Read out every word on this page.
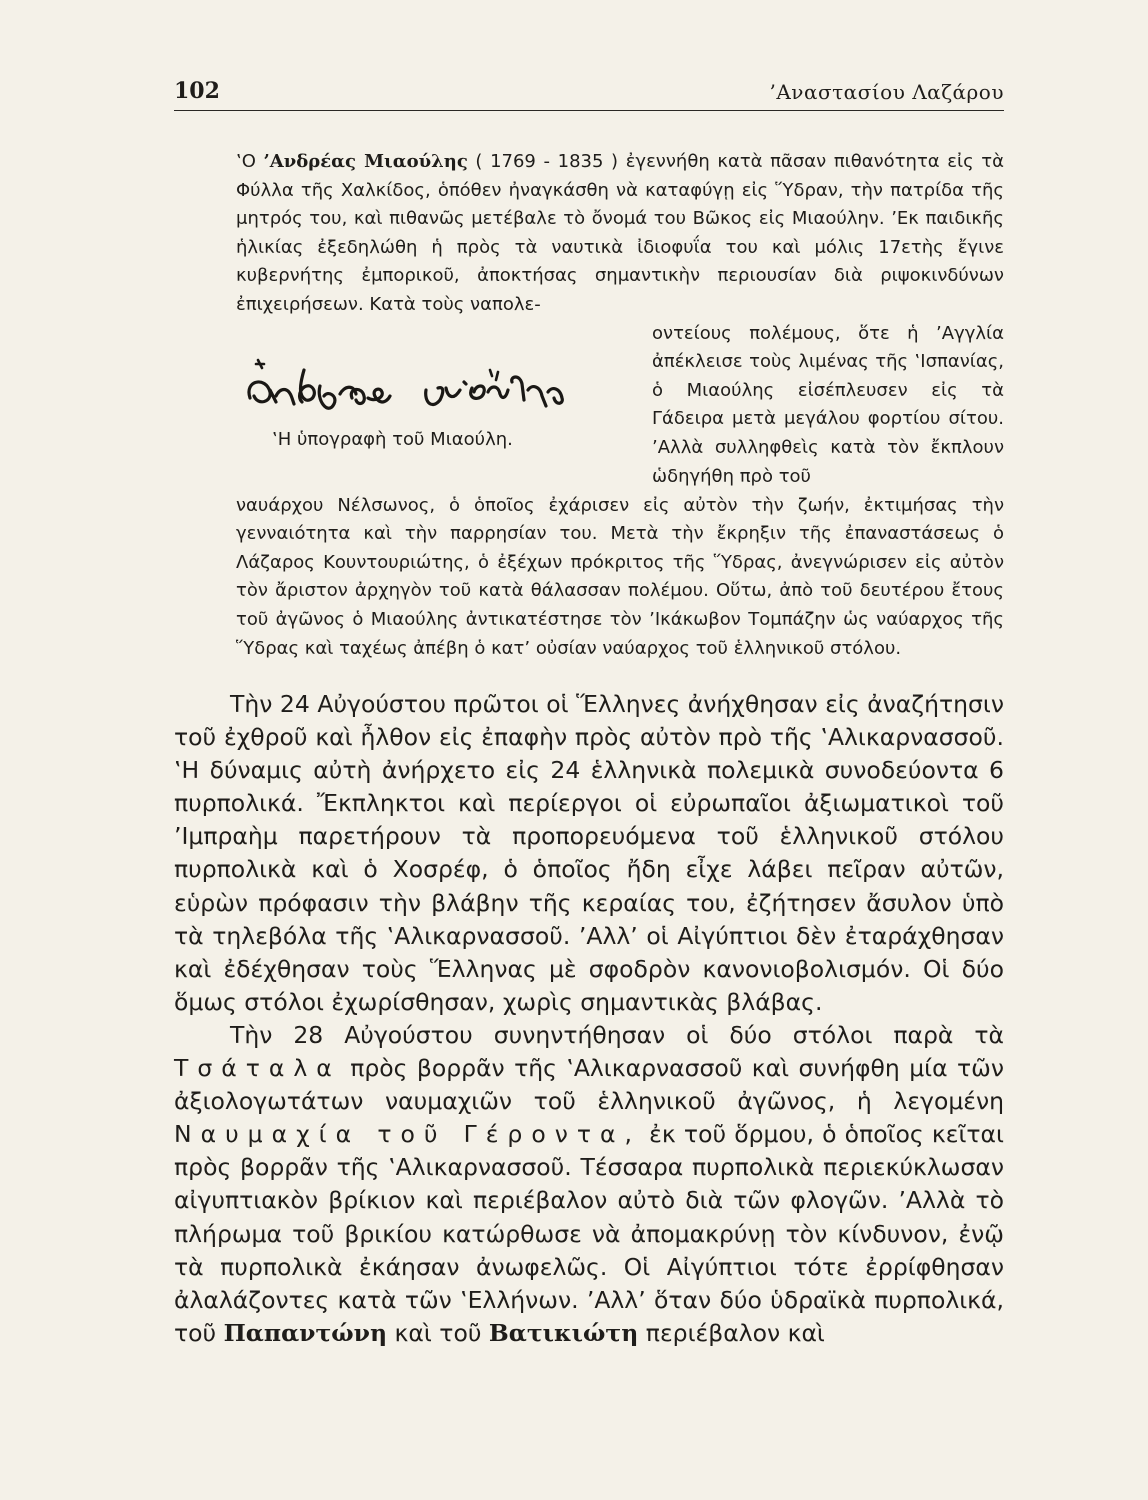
102	’Αναστασίου Λαζάρου

‛Ο ’Ανδρέας Μιαούλης ( 1769 - 1835 ) ἐγεννήθη κατὰ πᾶσαν πιθανότητα εἰς τὰ Φύλλα τῆς Χαλκίδος, ὁπόθεν ἠναγκάσθη νὰ καταφύγῃ εἰς Ὕδραν, τὴν πατρίδα τῆς μητρός του, καὶ πιθανῶς μετέβαλε τὸ ὄνομά του Βῶκος εἰς Μιαούλην. ’Εκ παιδικῆς ἡλικίας ἐξεδηλώθη ἡ πρὸς τὰ ναυτικὰ ἰδιοφυΐα του καὶ μόλις 17ετὴς ἔγινε κυβερνήτης ἐμπορικοῦ, ἀποκτήσας σημαντικὴν περιουσίαν διὰ ριψοκινδύνων ἐπιχειρήσεων. Κατὰ τοὺς ναπολε-

‛Η ὑπογραφὴ τοῦ Μιαούλη.
οντείους πολέμους, ὅτε ἡ ’Αγγλία ἀπέκλεισε τοὺς λιμένας τῆς ‛Ισπανίας, ὁ Μιαούλης εἰσέπλευσεν εἰς τὰ Γάδειρα μετὰ μεγάλου φορτίου σίτου. ’Αλλὰ συλληφθεὶς κατὰ τὸν ἔκπλουν ὡδηγήθη πρὸ τοῦ

ναυάρχου Νέλσωνος, ὁ ὁποῖος ἐχάρισεν εἰς αὐτὸν τὴν ζωήν, ἐκτιμήσας τὴν γενναιότητα καὶ τὴν παρρησίαν του. Μετὰ τὴν ἔκρηξιν τῆς ἐπαναστάσεως ὁ Λάζαρος Κουντουριώτης, ὁ ἐξέχων πρόκριτος τῆς Ὕδρας, ἀνεγνώρισεν εἰς αὐτὸν τὸν ἄριστον ἀρχηγὸν τοῦ κατὰ θάλασσαν πολέμου. Οὕτω, ἀπὸ τοῦ δευτέρου ἔτους τοῦ ἀγῶνος ὁ Μιαούλης ἀντικατέστησε τὸν ’Ικάκωβον Τομπάζην ὡς ναύαρχος τῆς Ὕδρας καὶ ταχέως ἀπέβη ὁ κατ’ οὐσίαν ναύαρχος τοῦ ἑλληνικοῦ στόλου.

Τὴν 24 Αὐγούστου πρῶτοι οἱ Ἕλληνες ἀνήχθησαν εἰς ἀναζήτησιν τοῦ ἐχθροῦ καὶ ἦλθον εἰς ἐπαφὴν πρὸς αὐτὸν πρὸ τῆς ‛Αλικαρνασσοῦ. ‛Η δύναμις αὐτὴ ἀνήρχετο εἰς 24 ἑλληνικὰ πολεμικὰ συνοδεύοντα 6 πυρπολικά. Ἔκπληκτοι καὶ περίεργοι οἱ εὐρωπαῖοι ἀξιωματικοὶ τοῦ ’Ιμπραὴμ παρετήρουν τὰ προπορευόμενα τοῦ ἑλληνικοῦ στόλου πυρπολικὰ καὶ ὁ Χοσρέφ, ὁ ὁποῖος ἤδη εἶχε λάβει πεῖραν αὐτῶν, εὑρὼν πρόφασιν τὴν βλάβην τῆς κεραίας του, ἐζήτησεν ἄσυλον ὑπὸ τὰ τηλεβόλα τῆς ‛Αλικαρνασσοῦ. ’Αλλ’ οἱ Αἰγύπτιοι δὲν ἐταράχθησαν καὶ ἐδέχθησαν τοὺς Ἕλληνας μὲ σφοδρὸν κανονιοβολισμόν. Οἱ δύο ὅμως στόλοι ἐχωρίσθησαν, χωρὶς σημαντικὰς βλάβας.

Τὴν 28 Αὐγούστου συνηντήθησαν οἱ δύο στόλοι παρὰ τὰ Τσάταλα πρὸς βορρᾶν τῆς ‛Αλικαρνασσοῦ καὶ συνήφθη μία τῶν ἀξιολογωτάτων ναυμαχιῶν τοῦ ἑλληνικοῦ ἀγῶνος, ἡ λεγομένη Ναυμαχία τοῦ Γέροντα, ἐκ τοῦ ὅρμου, ὁ ὁποῖος κεῖται πρὸς βορρᾶν τῆς ‛Αλικαρνασσοῦ. Τέσσαρα πυρπολικὰ περιεκύκλωσαν αἰγυπτιακὸν βρίκιον καὶ περιέβαλον αὐτὸ διὰ τῶν φλογῶν. ’Αλλὰ τὸ πλήρωμα τοῦ βρικίου κατώρθωσε νὰ ἀπομακρύνῃ τὸν κίνδυνον, ἐνῷ τὰ πυρπολικὰ ἐκάησαν ἀνωφελῶς. Οἱ Αἰγύπτιοι τότε ἐρρίφθησαν ἀλαλάζοντες κατὰ τῶν ‛Ελλήνων. ’Αλλ’ ὅταν δύο ὑδραϊκὰ πυρπολικά, τοῦ Παπαντώνη καὶ τοῦ Βατικιώτη περιέβαλον καὶ
